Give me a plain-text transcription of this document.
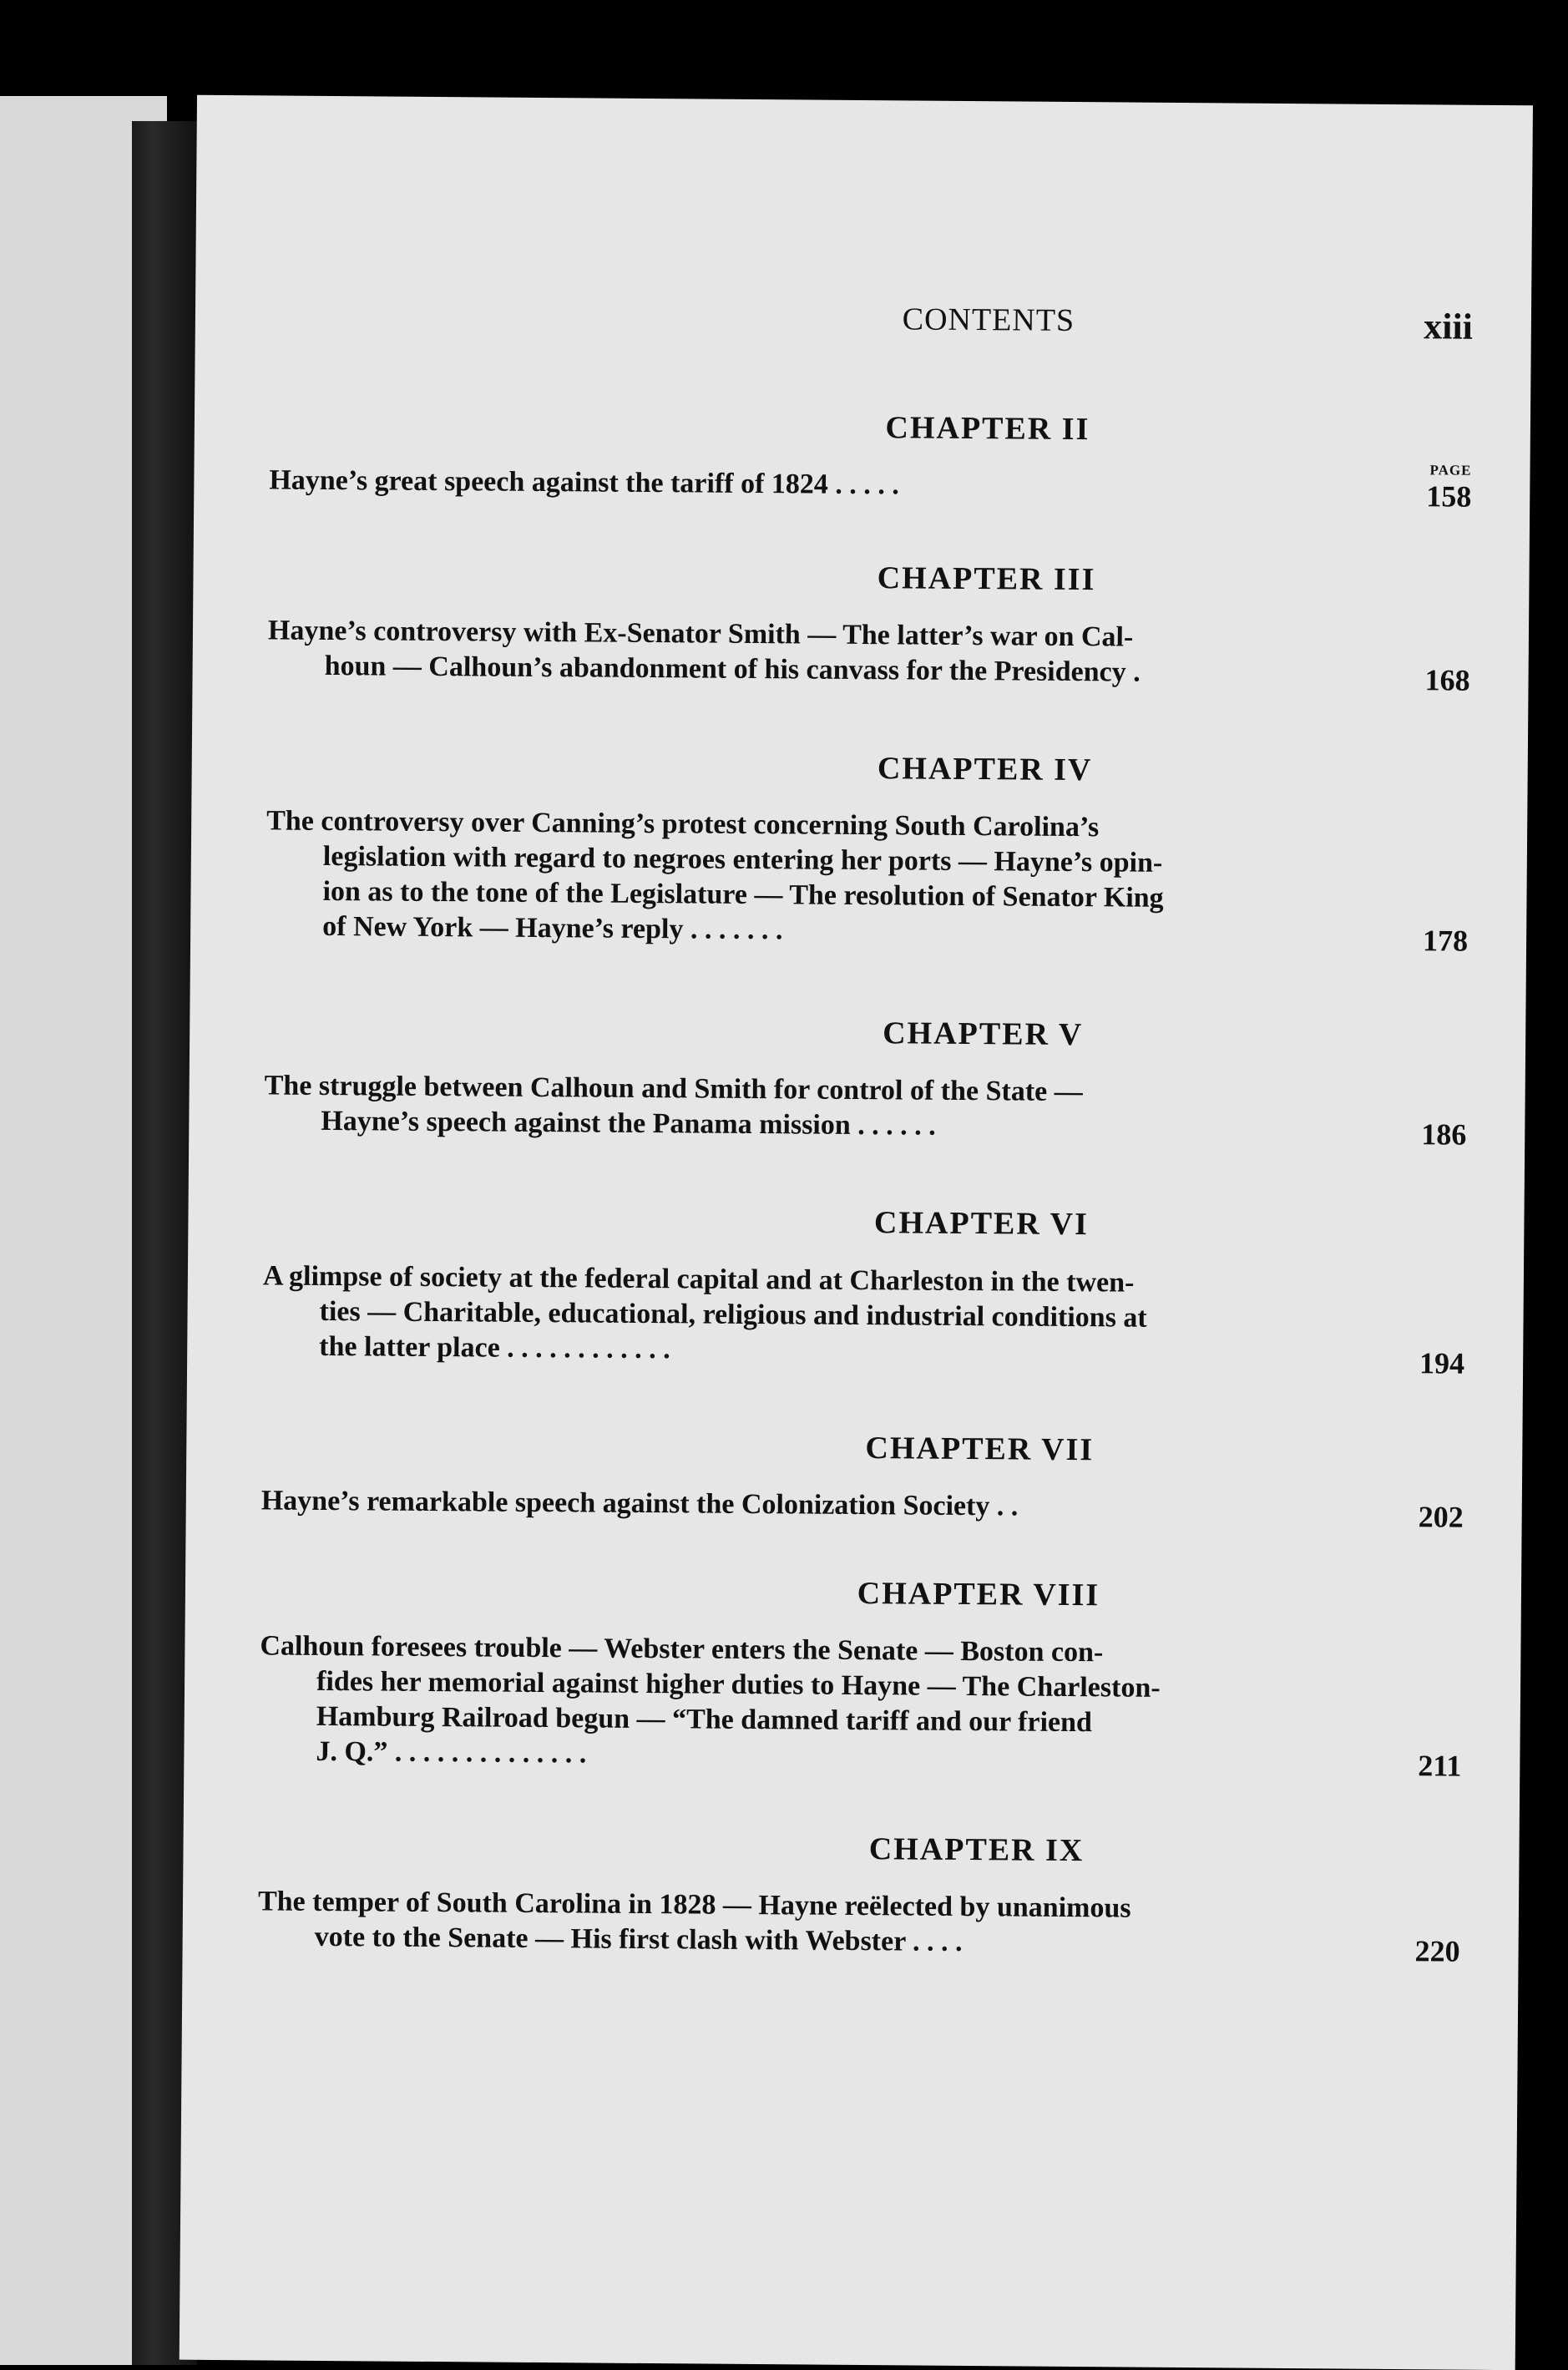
CONTENTS	xiii
CHAPTER II
PAGE
Hayne’s great speech against the tariff of 1824 . . . . .	158
CHAPTER III
Hayne’s controversy with Ex-Senator Smith — The latter’s war on Cal-
houn — Calhoun’s abandonment of his canvass for the Presidency .	168
CHAPTER IV
The controversy over Canning’s protest concerning South Carolina’s
legislation with regard to negroes entering her ports — Hayne’s opin-
ion as to the tone of the Legislature — The resolution of Senator King
of New York — Hayne’s reply . . . . . . .	178
CHAPTER V
The struggle between Calhoun and Smith for control of the State —
Hayne’s speech against the Panama mission . . . . . .	186
CHAPTER VI
A glimpse of society at the federal capital and at Charleston in the twen-
ties — Charitable, educational, religious and industrial conditions at
the latter place . . . . . . . . . . . .	194
CHAPTER VII
Hayne’s remarkable speech against the Colonization Society . .	202
CHAPTER VIII
Calhoun foresees trouble — Webster enters the Senate — Boston con-
fides her memorial against higher duties to Hayne — The Charleston-
Hamburg Railroad begun — “The damned tariff and our friend
J. Q.” . . . . . . . . . . . . . .	211
CHAPTER IX
The temper of South Carolina in 1828 — Hayne reëlected by unanimous
vote to the Senate — His first clash with Webster . . . .	220
